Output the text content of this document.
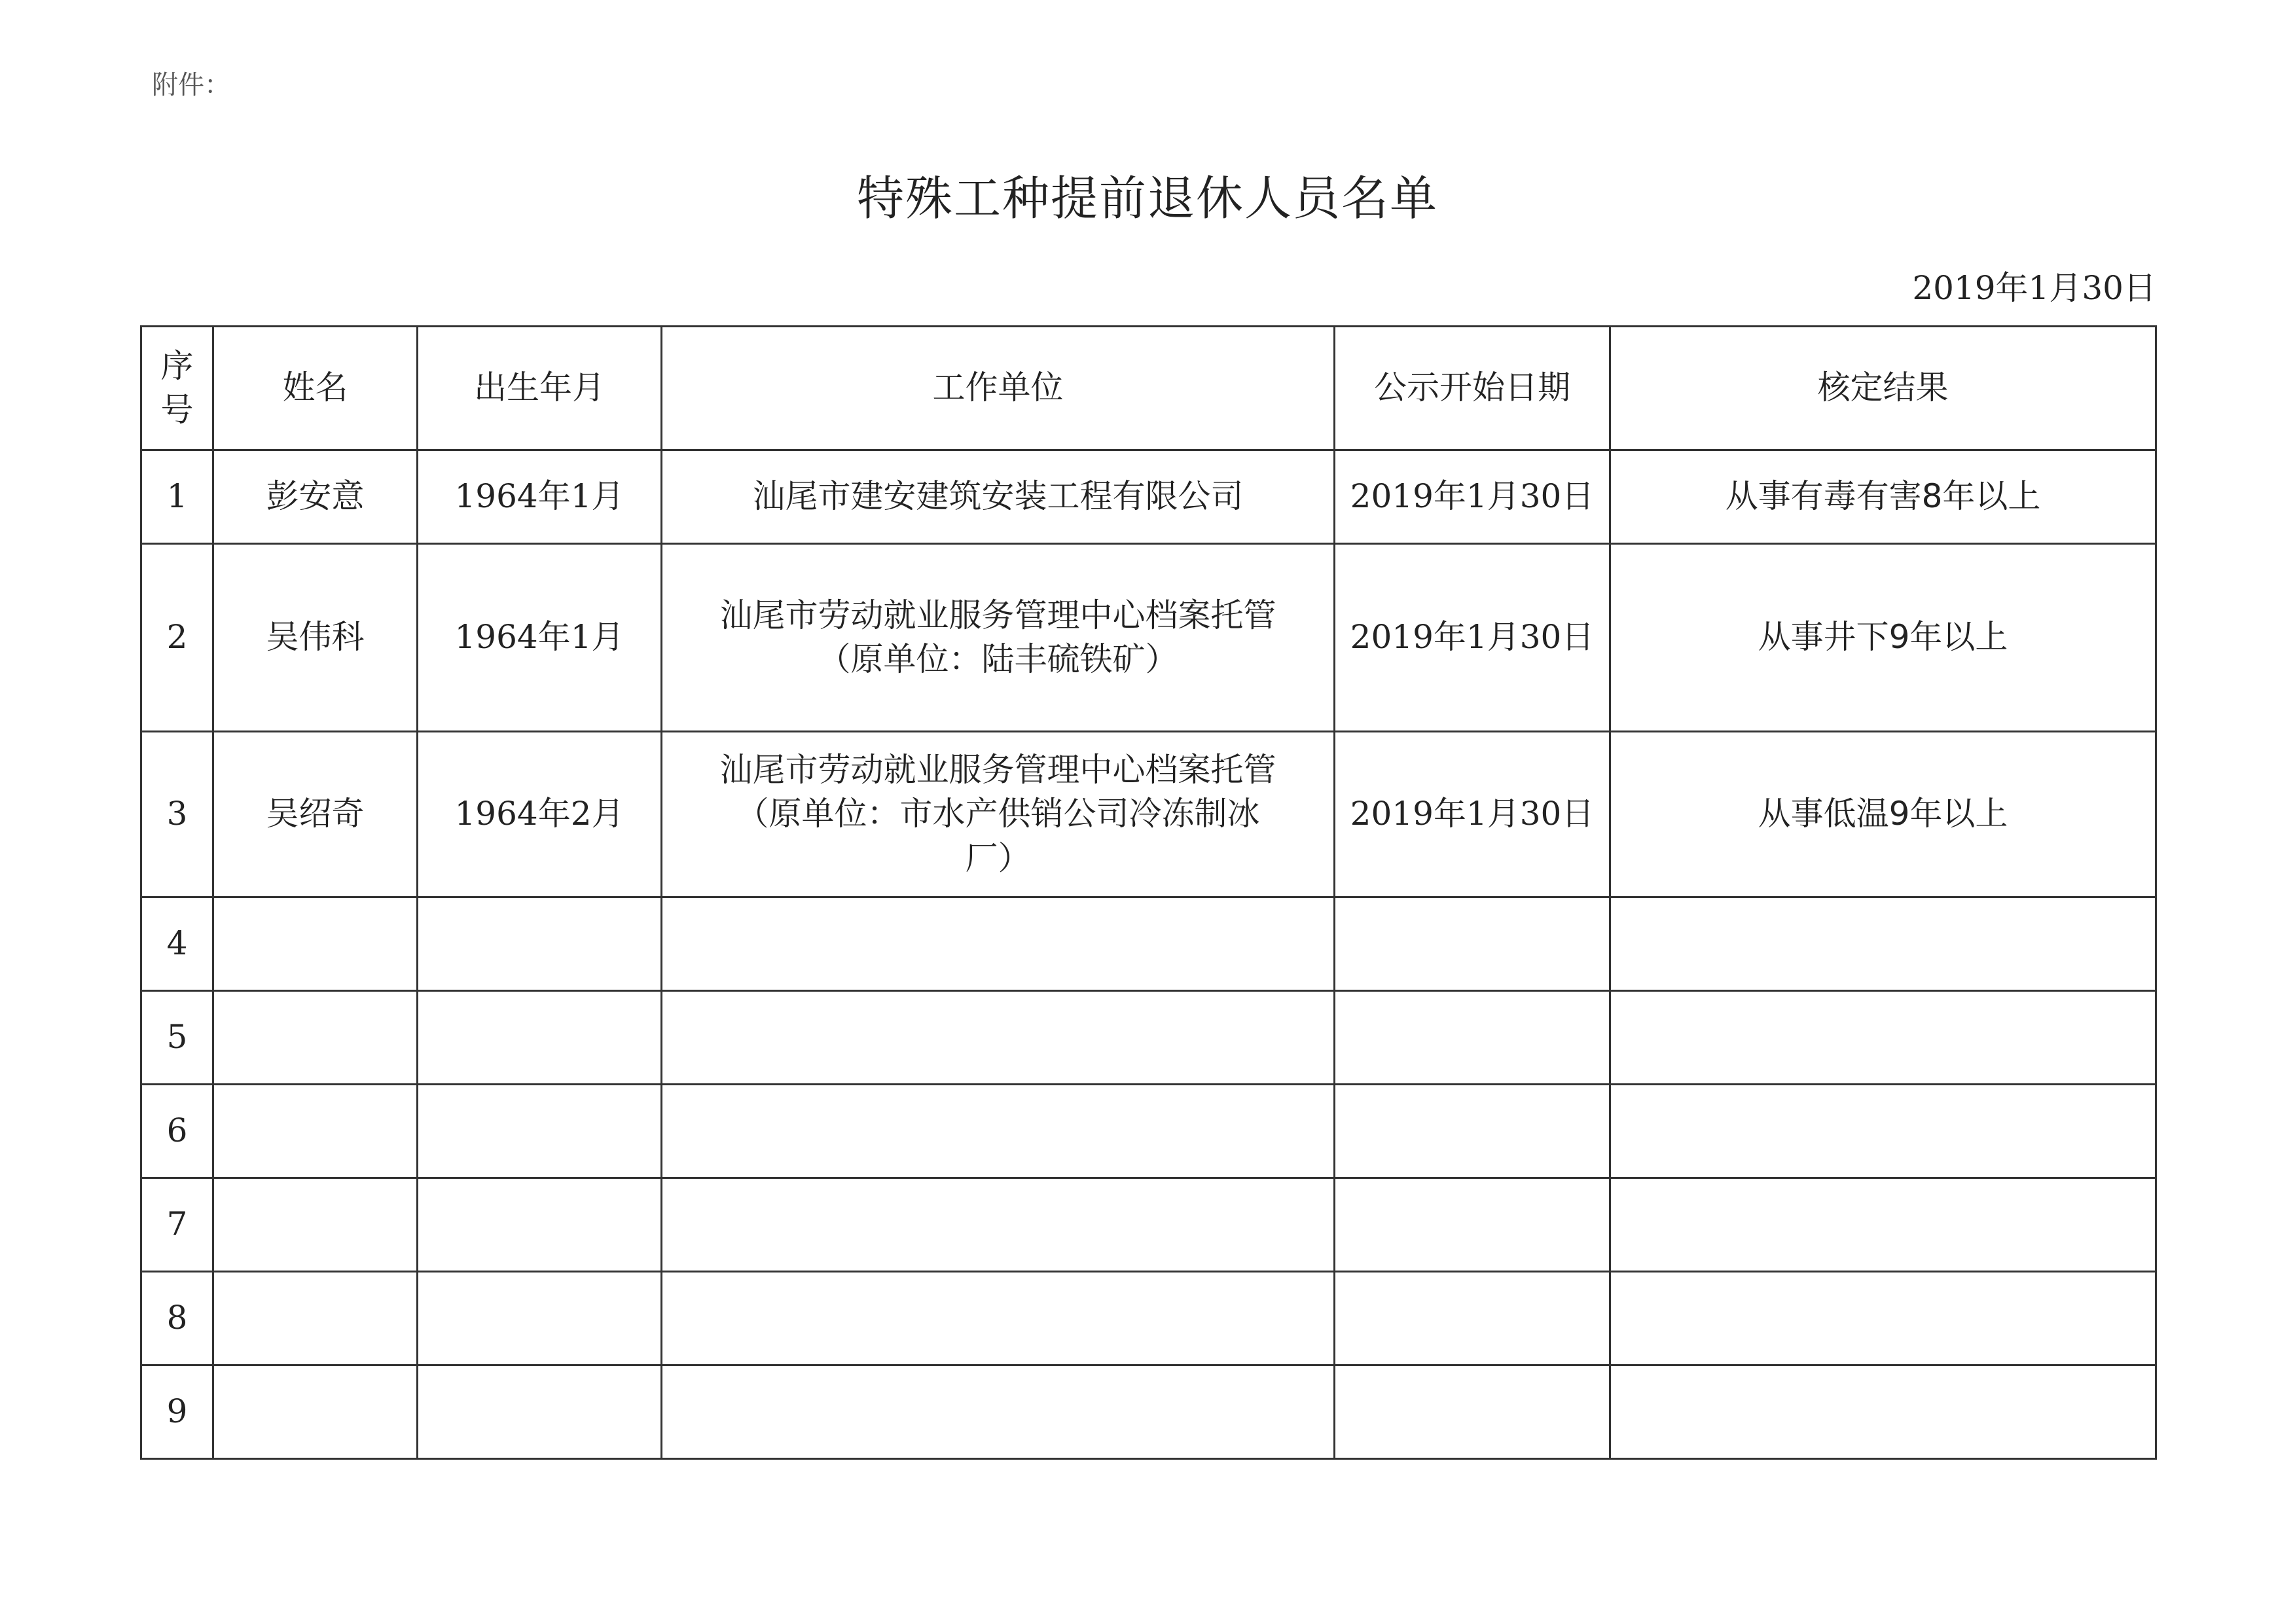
附件：
特殊工种提前退休人员名单
2019年1月30日
序
号	姓名	出生年月	工作单位	公示开始日期	核定结果
1	彭安意	1964年1月	汕尾市建安建筑安装工程有限公司	2019年1月30日	从事有毒有害8年以上
2	吴伟科	1964年1月	汕尾市劳动就业服务管理中心档案托管
（原单位：陆丰硫铁矿）	2019年1月30日	从事井下9年以上
3	吴绍奇	1964年2月	汕尾市劳动就业服务管理中心档案托管
（原单位：市水产供销公司冷冻制冰
厂）	2019年1月30日	从事低温9年以上
4					
5					
6					
7					
8					
9					
